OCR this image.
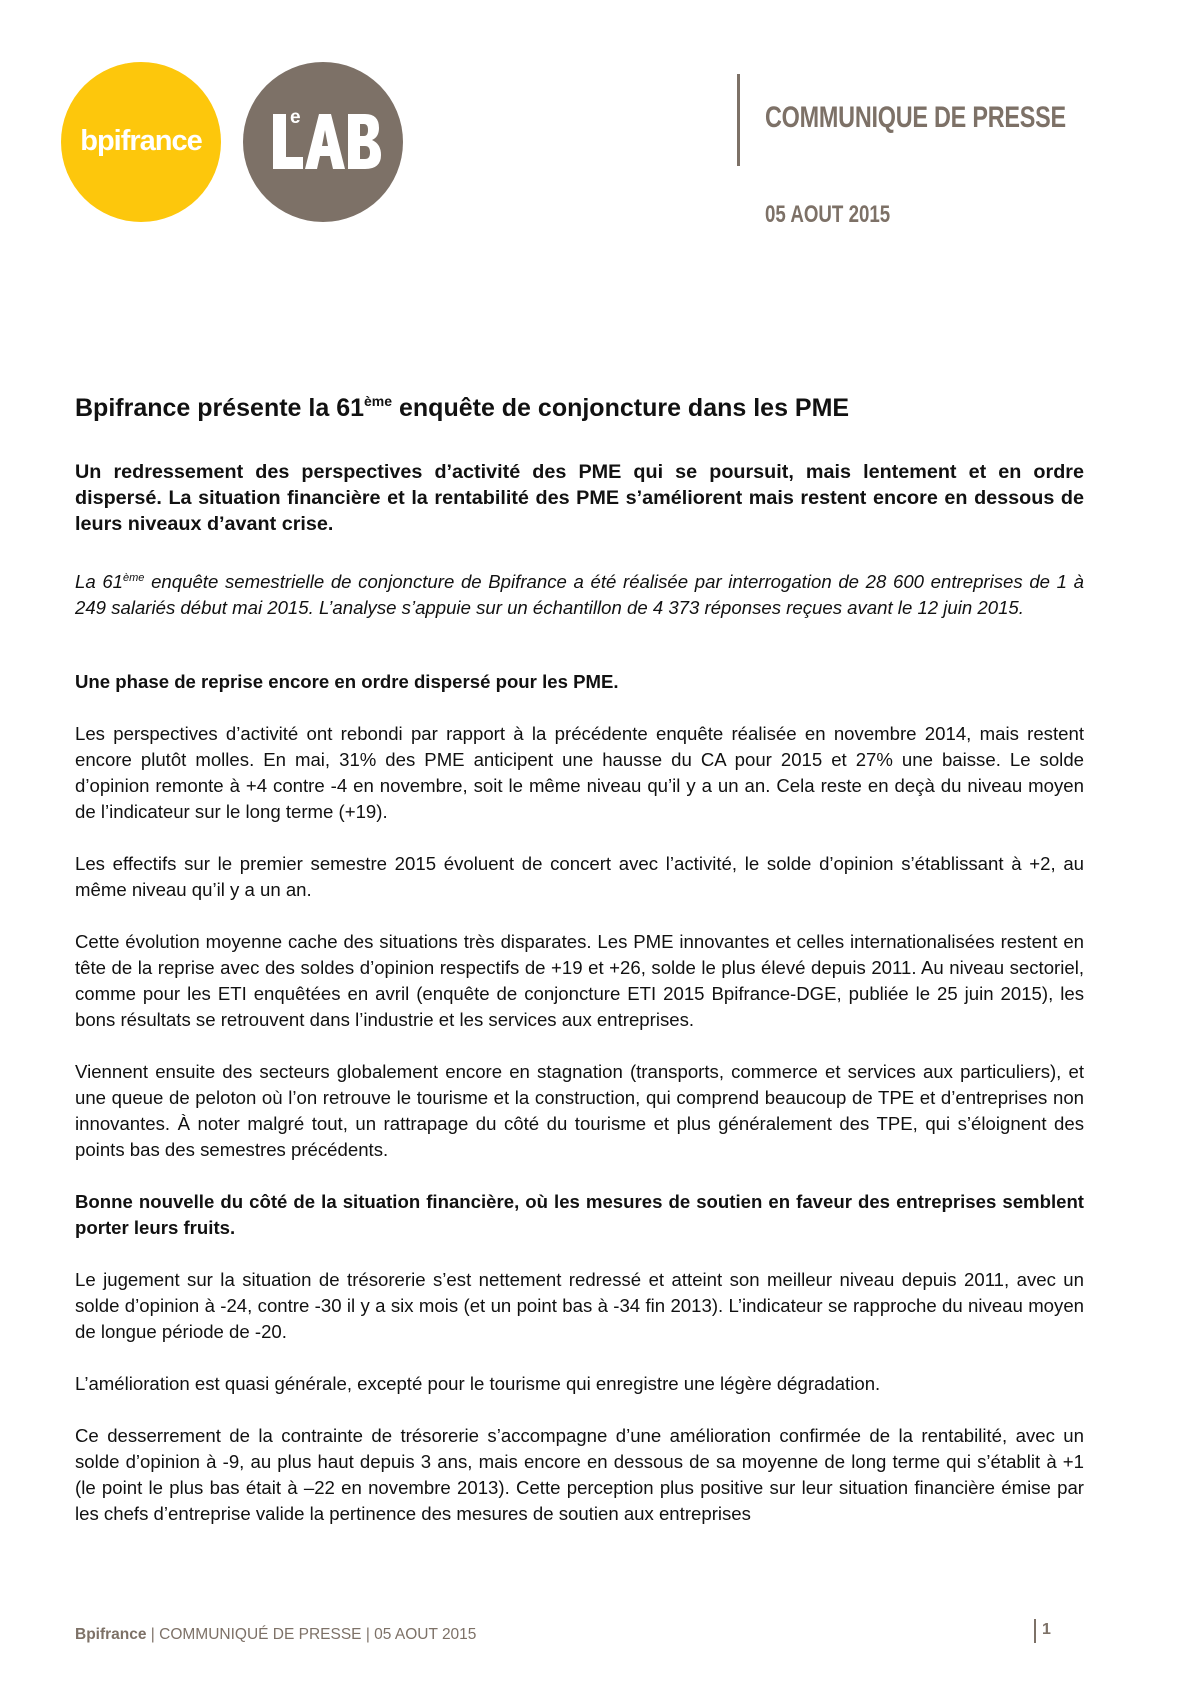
bpifrance
e	COMMUNIQUE DE PRESSE
05 AOUT 2015
Bpifrance présente la 61ème enquête de conjoncture dans les PME

Un redressement des perspectives d’activité des PME qui se poursuit, mais lentement et en ordre dispersé. La situation financière et la rentabilité des PME s’améliorent mais restent encore en dessous de leurs niveaux d’avant crise.

La 61ème enquête semestrielle de conjoncture de Bpifrance a été réalisée par interrogation de 28 600 entreprises de 1 à 249 salariés début mai 2015. L’analyse s’appuie sur un échantillon de 4 373 réponses reçues avant le 12 juin 2015.

Une phase de reprise encore en ordre dispersé pour les PME.

Les perspectives d’activité ont rebondi par rapport à la précédente enquête réalisée en novembre 2014, mais restent encore plutôt molles. En mai, 31% des PME anticipent une hausse du CA pour 2015 et 27% une baisse. Le solde d’opinion remonte à +4 contre -4 en novembre, soit le même niveau qu’il y a un an. Cela reste en deçà du niveau moyen de l’indicateur sur le long terme (+19).

Les effectifs sur le premier semestre 2015 évoluent de concert avec l’activité, le solde d’opinion s’établissant à +2, au même niveau qu’il y a un an.

Cette évolution moyenne cache des situations très disparates. Les PME innovantes et celles internationalisées restent en tête de la reprise avec des soldes d’opinion respectifs de +19 et +26, solde le plus élevé depuis 2011. Au niveau sectoriel, comme pour les ETI enquêtées en avril (enquête de conjoncture ETI 2015 Bpifrance-DGE, publiée le 25 juin 2015), les bons résultats se retrouvent dans l’industrie et les services aux entreprises.

Viennent ensuite des secteurs globalement encore en stagnation (transports, commerce et services aux particuliers), et une queue de peloton où l’on retrouve le tourisme et la construction, qui comprend beaucoup de TPE et d’entreprises non innovantes. À noter malgré tout, un rattrapage du côté du tourisme et plus généralement des TPE, qui s’éloignent des points bas des semestres précédents.

Bonne nouvelle du côté de la situation financière, où les mesures de soutien en faveur des entreprises semblent porter leurs fruits.

Le jugement sur la situation de trésorerie s’est nettement redressé et atteint son meilleur niveau depuis 2011, avec un solde d’opinion à -24, contre -30 il y a six mois (et un point bas à -34 fin 2013). L’indicateur se rapproche du niveau moyen de longue période de -20.

L’amélioration est quasi générale, excepté pour le tourisme qui enregistre une légère dégradation.

Ce desserrement de la contrainte de trésorerie s’accompagne d’une amélioration confirmée de la rentabilité, avec un solde d’opinion à -9, au plus haut depuis 3 ans, mais encore en dessous de sa moyenne de long terme qui s’établit à +1 (le point le plus bas était à –22 en novembre 2013). Cette perception plus positive sur leur situation financière émise par les chefs d’entreprise valide la pertinence des mesures de soutien aux entreprises

Bpifrance | COMMUNIQUÉ DE PRESSE | 05 AOUT 2015	1
